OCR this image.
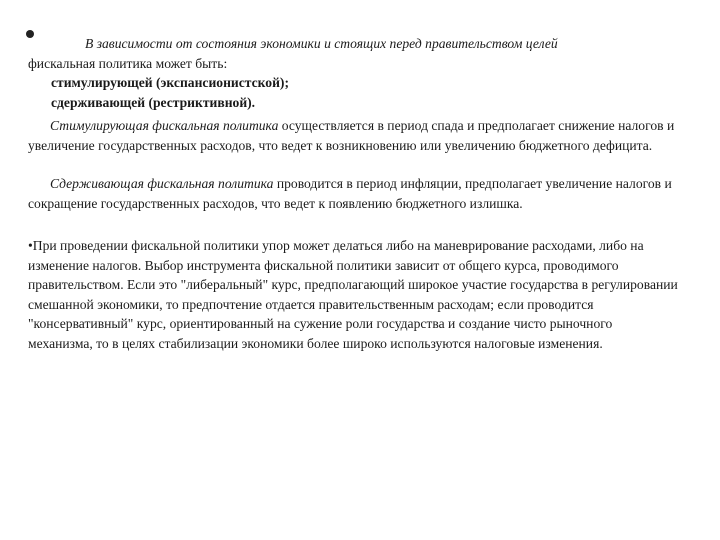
В зависимости от состояния экономики и стоящих перед правительством целей
фискальная политика может быть:
стимулирующей (экспансионистской);
сдерживающей (рестриктивной).
Стимулирующая фискальная политика осуществляется в период спада и предполагает снижение налогов и увеличение государственных расходов, что ведет к возникновению или увеличению бюджетного дефицита.
Сдерживающая фискальная политика проводится в период инфляции, предполагает увеличение налогов и сокращение государственных расходов, что ведет к появлению бюджетного излишка.
•При проведении фискальной политики упор может делаться либо на маневрирование расходами, либо на изменение налогов. Выбор инструмента фискальной политики зависит от общего курса, проводимого правительством. Если это "либеральный" курс, предполагающий широкое участие государства в регулировании смешанной экономики, то предпочтение отдается правительственным расходам; если проводится "консервативный" курс, ориентированный на сужение роли государства и создание чисто рыночного механизма, то в целях стабилизации экономики более широко используются налоговые изменения.
